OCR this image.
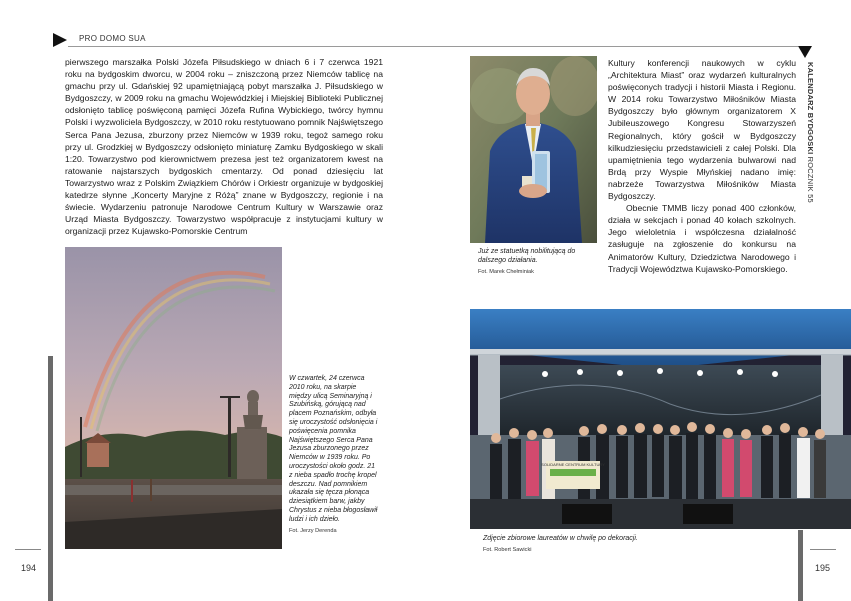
PRO DOMO SUA
KALENDARZ BYDGOSKI ROCZNIK 55
194	195
pierwszego marszałka Polski Józefa Piłsudskiego w dniach 6 i 7 czerwca 1921 roku na bydgoskim dworcu, w 2004 roku – zniszczoną przez Niemców tablicę na gmachu przy ul. Gdańskiej 92 upamiętniającą pobyt marszałka J. Piłsudskiego w Bydgoszczy, w 2009 roku na gmachu Wojewódzkiej i Miejskiej Biblioteki Publicznej odsłonięto tablicę poświęconą pamięci Józefa Rufina Wybickiego, twórcy hymnu Polski i wyzwoliciela Bydgoszczy, w 2010 roku restytuowano pomnik Najświętszego Serca Pana Jezusa, zburzony przez Niemców w 1939 roku, tegoż samego roku przy ul. Grodzkiej w Bydgoszczy odsłonięto miniaturę Zamku Bydgoskiego w skali 1:20. Towarzystwo pod kierownictwem prezesa jest też organizatorem kwest na ratowanie najstarszych bydgoskich cmentarzy. Od ponad dziesięciu lat Towarzystwo wraz z Polskim Związkiem Chórów i Orkiestr organizuje w bydgoskiej katedrze słynne „Koncerty Maryjne z Różą” znane w Bydgoszczy, regionie i na świecie. Wydarzeniu patronuje Narodowe Centrum Kultury w Warszawie oraz Urząd Miasta Bydgoszczy. Towarzystwo współpracuje z instytucjami kultury w organizacji przez Kujawsko-Pomorskie Centrum

Kultury konferencji naukowych w cyklu „Architektura Miast” oraz wydarzeń kulturalnych poświęconych tradycji i historii Miasta i Regionu. W 2014 roku Towarzystwo Miłośników Miasta Bydgoszczy było głównym organizatorem X Jubileuszowego Kongresu Stowarzyszeń Regionalnych, który gościł w Bydgoszczy kilkudziesięciu przedstawicieli z całej Polski. Dla upamiętnienia tego wydarzenia bulwarowi nad Brdą przy Wyspie Młyńskiej nadano imię: nabrzeże Towarzystwa Miłośników Miasta Bydgoszczy.

Obecnie TMMB liczy ponad 400 członków, działa w sekcjach i ponad 40 kołach szkolnych. Jego wieloletnia i współczesna działalność zasługuje na zgłoszenie do konkursu na Animatorów Kultury, Dziedzictwa Narodowego i Tradycji Województwa Kujawsko-Pomorskiego.

Już ze statuetką nobilitującą do dalszego działania.
Fot. Marek Chełminiak
W czwartek, 24 czerwca 2010 roku, na skarpie między ulicą Seminaryjną i Szubińską, górującą nad placem Poznańskim, odbyła się uroczystość odsłonięcia i poświęcenia pomnika Najświętszego Serca Pana Jezusa zburzonego przez Niemców w 1939 roku. Po uroczystości około godz. 21 z nieba spadło trochę kropel deszczu. Nad pomnikiem ukazała się tęcza płonąca dziesiątkiem barw, jakby Chrystus z nieba błogosławił ludzi i ich dzieło.
Fot. Jerzy Derenda
SOLIDARNE CENTRUM KULTURY
Zdjęcie zbiorowe laureatów w chwilę po dekoracji.
Fot. Robert Sawicki
